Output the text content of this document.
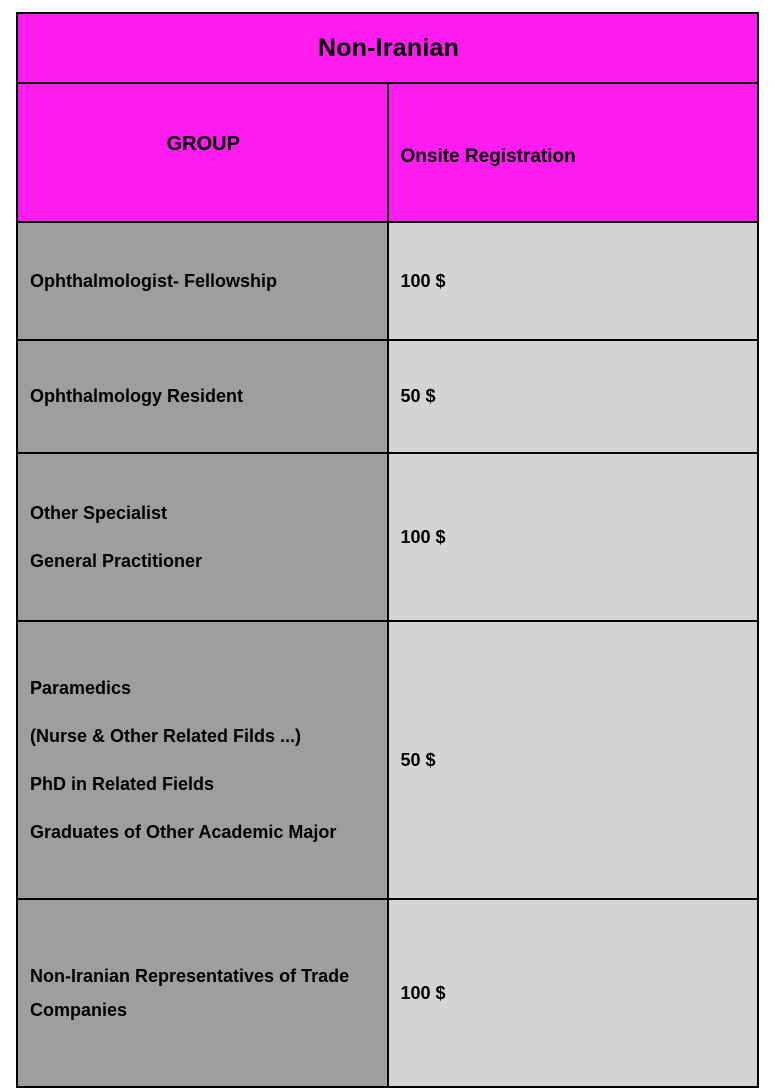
Non-Iranian	
GROUP	Onsite Registration

Ophthalmologist- Fellowship	100 $

Ophthalmology Resident	50 $

Other Specialist
General Practitioner	100 $

Paramedics
(Nurse & Other Related Filds ...)
PhD in Related Fields
Graduates of Other Academic Major	50 $

Non-Iranian Representatives of Trade Companies	100 $
